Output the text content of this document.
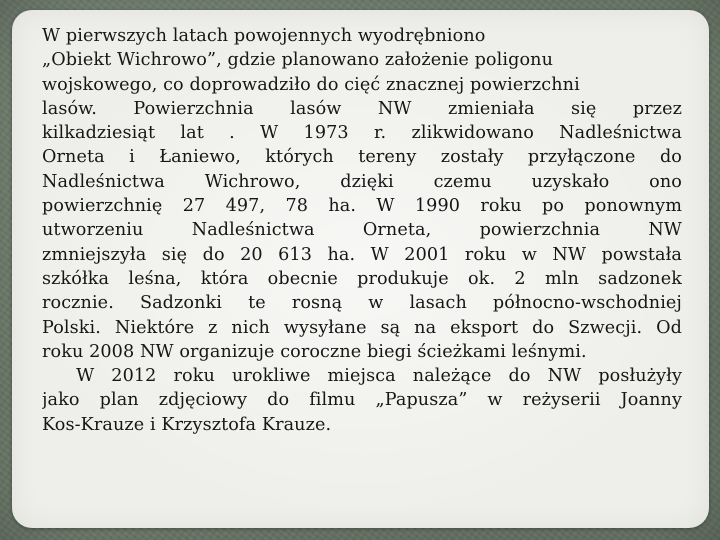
W pierwszych latach powojennych wyodrębniono
„Obiekt Wichrowo”, gdzie planowano założenie poligonu
wojskowego, co doprowadziło do cięć znacznej powierzchni
lasów. Powierzchnia lasów NW zmieniała się przez
kilkadziesiąt lat . W 1973 r. zlikwidowano Nadleśnictwa
Orneta i Łaniewo, których tereny zostały przyłączone do
Nadleśnictwa Wichrowo, dzięki czemu uzyskało ono
powierzchnię 27 497, 78 ha. W 1990 roku po ponownym
utworzeniu Nadleśnictwa Orneta, powierzchnia NW
zmniejszyła się do 20 613 ha. W 2001 roku w NW powstała
szkółka leśna, która obecnie produkuje ok. 2 mln sadzonek
rocznie. Sadzonki te rosną w lasach północno-wschodniej
Polski. Niektóre z nich wysyłane są na eksport do Szwecji. Od
roku 2008 NW organizuje coroczne biegi ścieżkami leśnymi.
W 2012 roku urokliwe miejsca należące do NW posłużyły
jako plan zdjęciowy do filmu „Papusza” w reżyserii Joanny
Kos-Krauze i Krzysztofa Krauze.
